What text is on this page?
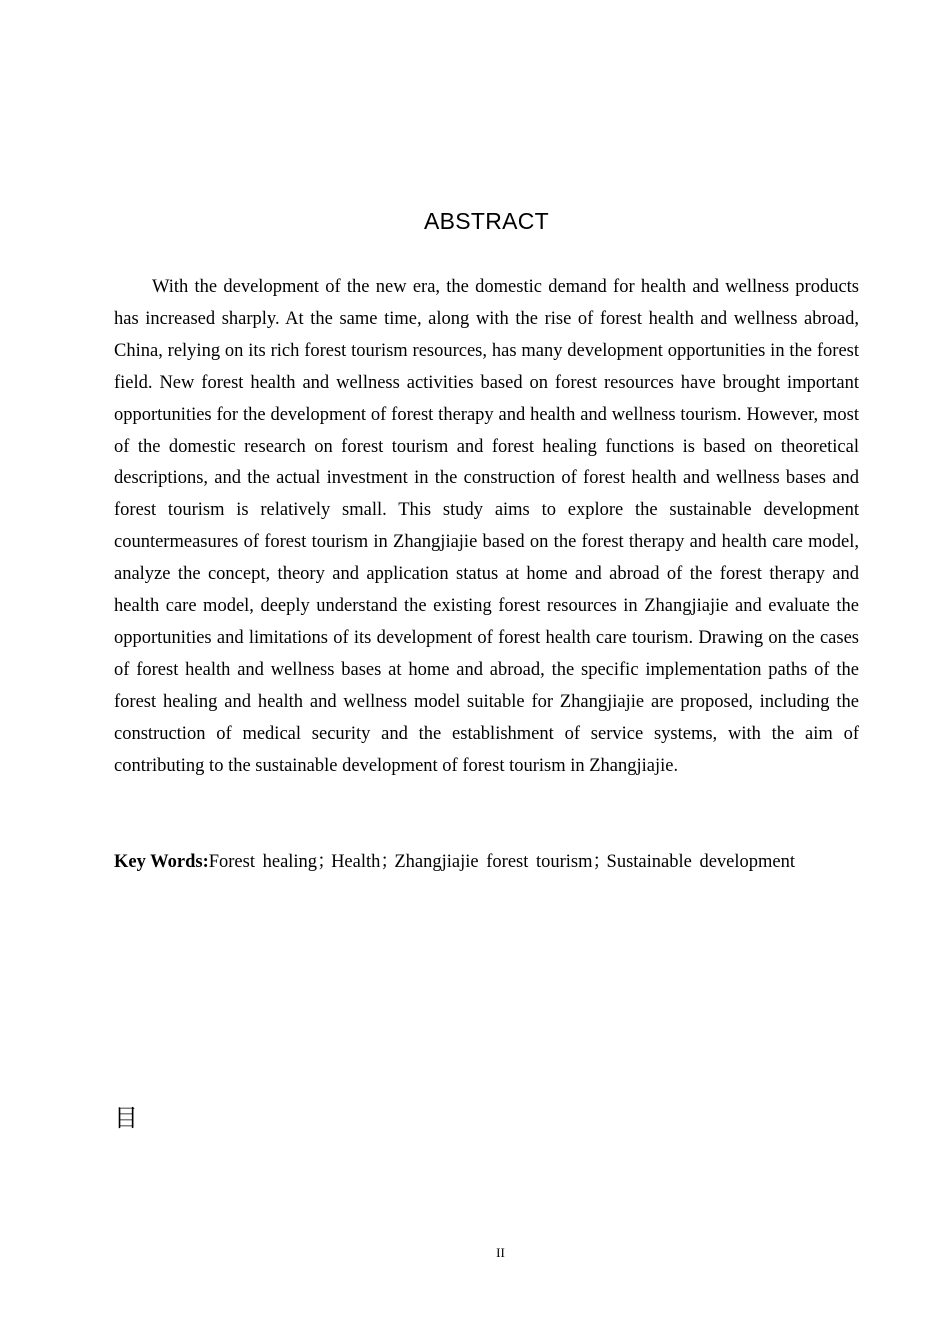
ABSTRACT

With the development of the new era, the domestic demand for health and wellness products has increased sharply. At the same time, along with the rise of forest health and wellness abroad, China, relying on its rich forest tourism resources, has many development opportunities in the forest field. New forest health and wellness activities based on forest resources have brought important opportunities for the development of forest therapy and health and wellness tourism. However, most of the domestic research on forest tourism and forest healing functions is based on theoretical descriptions, and the actual investment in the construction of forest health and wellness bases and forest tourism is relatively small. This study aims to explore the sustainable development countermeasures of forest tourism in Zhangjiajie based on the forest therapy and health care model, analyze the concept, theory and application status at home and abroad of the forest therapy and health care model, deeply understand the existing forest resources in Zhangjiajie and evaluate the opportunities and limitations of its development of forest health care tourism. Drawing on the cases of forest health and wellness bases at home and abroad, the specific implementation paths of the forest healing and health and wellness model suitable for Zhangjiajie are proposed, including the construction of medical security and the establishment of service systems, with the aim of contributing to the sustainable development of forest tourism in Zhangjiajie.

Key Words:Forest healing；Health；Zhangjiajie forest tourism；Sustainable development

目
II
